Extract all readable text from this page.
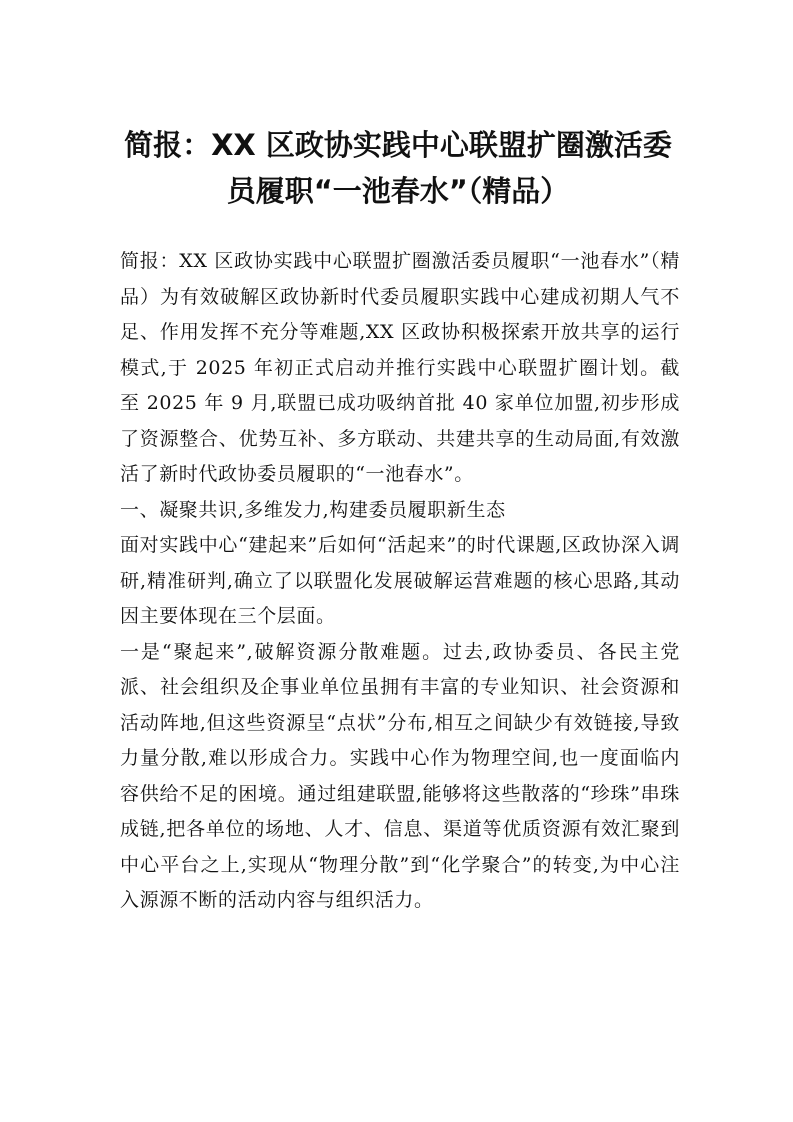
简报：XX 区政协实践中心联盟扩圈激活委
员履职“一池春水”（精品）

简报：XX 区政协实践中心联盟扩圈激活委员履职“一池春水”（精品）为有效破解区政协新时代委员履职实践中心建成初期人气不足、作用发挥不充分等难题,XX 区政协积极探索开放共享的运行模式,于 2025 年初正式启动并推行实践中心联盟扩圈计划。截至 2025 年 9 月,联盟已成功吸纳首批 40 家单位加盟,初步形成了资源整合、优势互补、多方联动、共建共享的生动局面,有效激活了新时代政协委员履职的“一池春水”。

一、凝聚共识,多维发力,构建委员履职新生态

面对实践中心“建起来”后如何“活起来”的时代课题,区政协深入调研,精准研判,确立了以联盟化发展破解运营难题的核心思路,其动因主要体现在三个层面。

一是“聚起来”,破解资源分散难题。过去,政协委员、各民主党派、社会组织及企事业单位虽拥有丰富的专业知识、社会资源和活动阵地,但这些资源呈“点状”分布,相互之间缺少有效链接,导致力量分散,难以形成合力。实践中心作为物理空间,也一度面临内容供给不足的困境。通过组建联盟,能够将这些散落的“珍珠”串珠成链,把各单位的场地、人才、信息、渠道等优质资源有效汇聚到中心平台之上,实现从“物理分散”到“化学聚合”的转变,为中心注入源源不断的活动内容与组织活力。
